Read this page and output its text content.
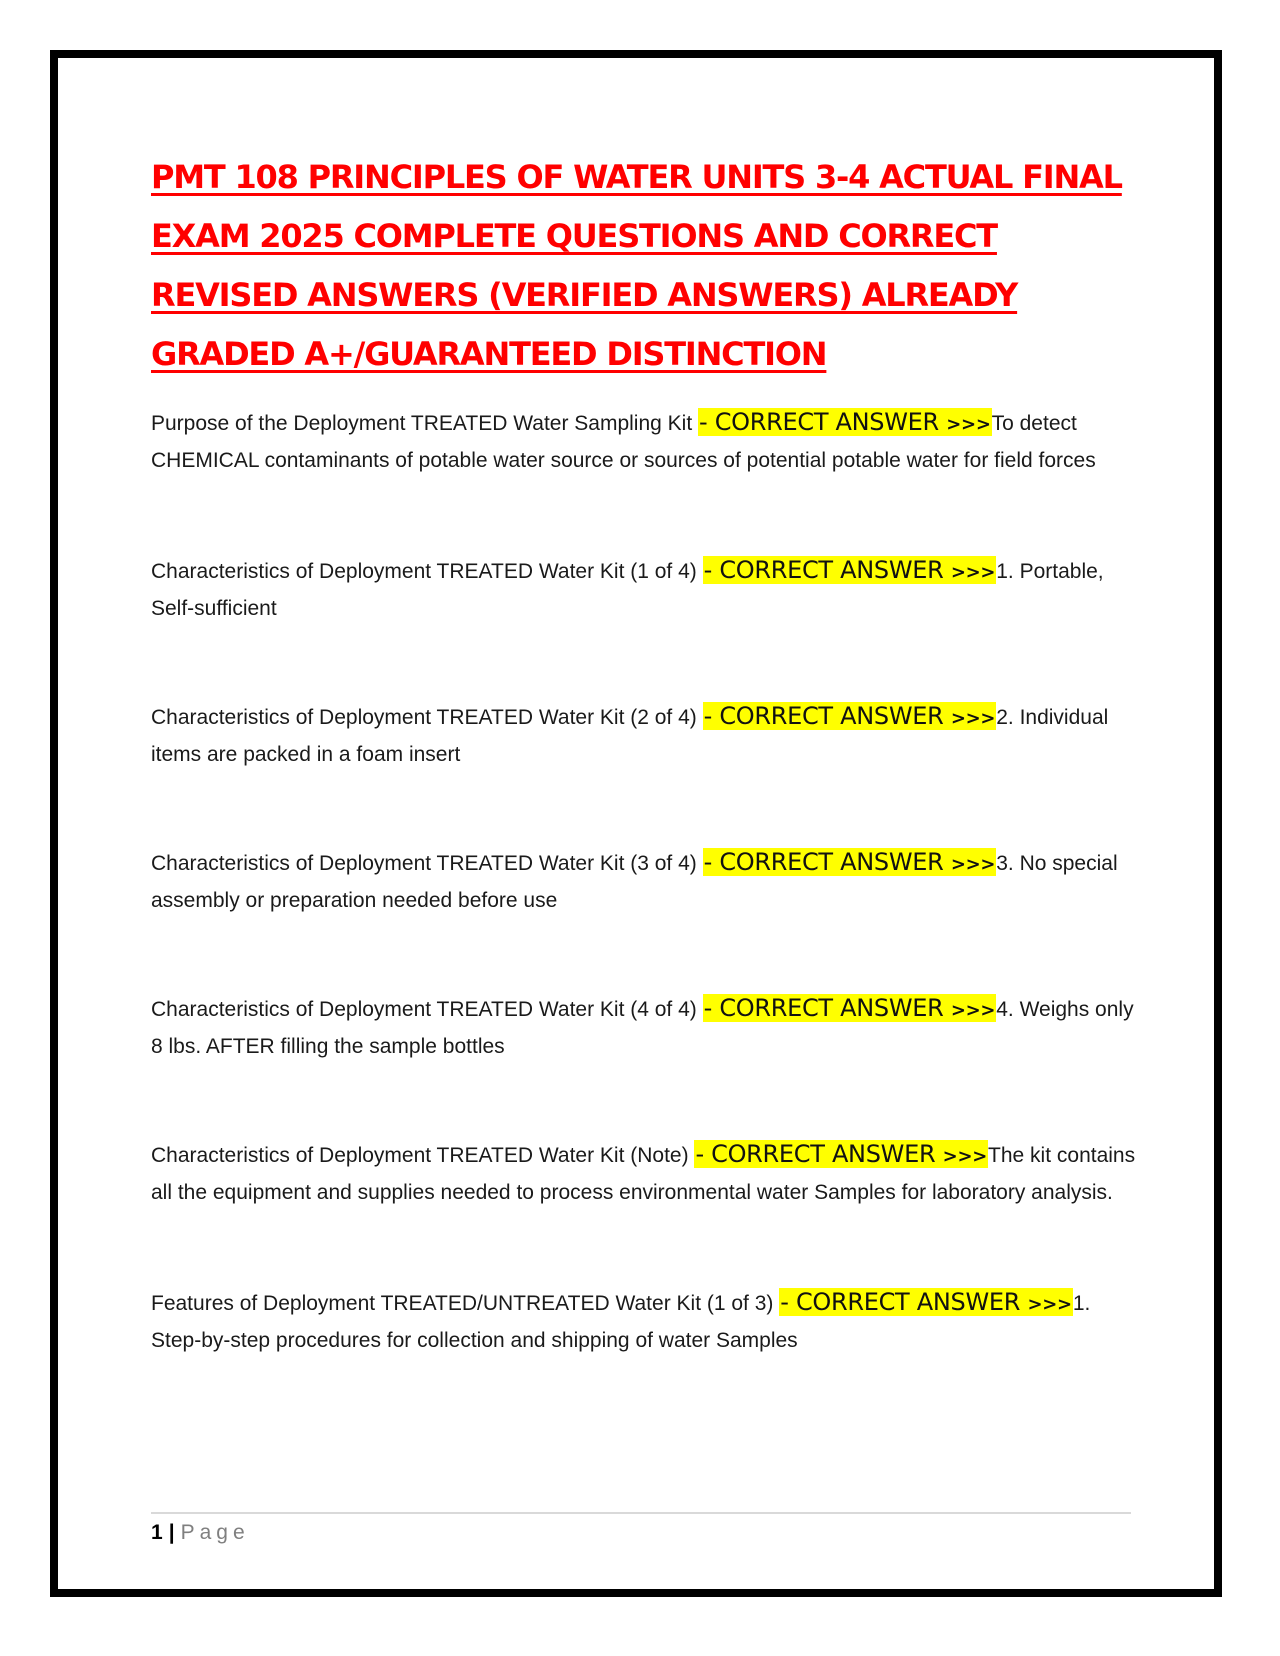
PMT 108 PRINCIPLES OF WATER UNITS 3-4 ACTUAL FINAL EXAM 2025 COMPLETE QUESTIONS AND CORRECT REVISED ANSWERS (VERIFIED ANSWERS) ALREADY GRADED A+/GUARANTEED DISTINCTION

Purpose of the Deployment TREATED Water Sampling Kit - CORRECT ANSWER >>>To detect CHEMICAL contaminants of potable water source or sources of potential potable water for field forces

Characteristics of Deployment TREATED Water Kit (1 of 4) - CORRECT ANSWER >>>1. Portable, Self-sufficient

Characteristics of Deployment TREATED Water Kit (2 of 4) - CORRECT ANSWER >>>2. Individual items are packed in a foam insert

Characteristics of Deployment TREATED Water Kit (3 of 4) - CORRECT ANSWER >>>3. No special assembly or preparation needed before use

Characteristics of Deployment TREATED Water Kit (4 of 4) - CORRECT ANSWER >>>4. Weighs only 8 lbs. AFTER filling the sample bottles

Characteristics of Deployment TREATED Water Kit (Note) - CORRECT ANSWER >>>The kit contains all the equipment and supplies needed to process environmental water Samples for laboratory analysis.

Features of Deployment TREATED/UNTREATED Water Kit (1 of 3) - CORRECT ANSWER >>>1. Step-by-step procedures for collection and shipping of water Samples

1 | Page
